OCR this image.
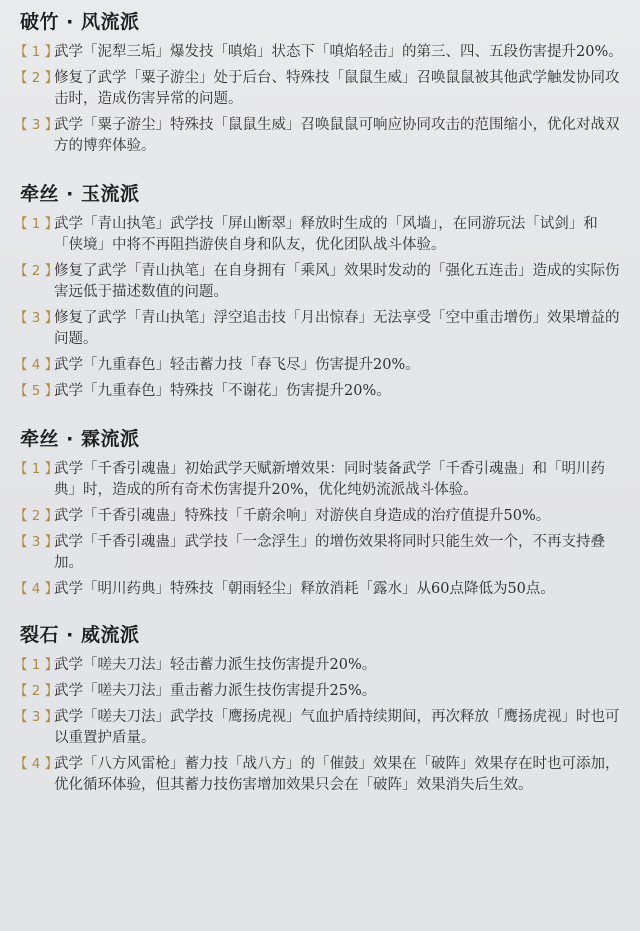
破竹 · 风流派
【 1 】
武学「泥犁三垢」爆发技「嗔焰」状态下「嗔焰轻击」的第三、四、五段伤害提升20%。
【 2 】
修复了武学「粟子游尘」处于后台、特殊技「鼠鼠生威」召唤鼠鼠被其他武学触发协同攻击时，造成伤害异常的问题。
【 3 】
武学「粟子游尘」特殊技「鼠鼠生威」召唤鼠鼠可响应协同攻击的范围缩小，优化对战双方的博弈体验。
牵丝 · 玉流派
【 1 】
武学「青山执笔」武学技「屏山断翠」释放时生成的「风墙」，在同游玩法「试剑」和「侠境」中将不再阻挡游侠自身和队友，优化团队战斗体验。
【 2 】
修复了武学「青山执笔」在自身拥有「乘风」效果时发动的「强化五连击」造成的实际伤害远低于描述数值的问题。
【 3 】
修复了武学「青山执笔」浮空追击技「月出惊春」无法享受「空中重击增伤」效果增益的问题。
【 4 】
武学「九重春色」轻击蓄力技「春飞尽」伤害提升20%。
【 5 】
武学「九重春色」特殊技「不谢花」伤害提升20%。
牵丝 · 霖流派
【 1 】
武学「千香引魂蛊」初始武学天赋新增效果：同时装备武学「千香引魂蛊」和「明川药典」时，造成的所有奇术伤害提升20%，优化纯奶流派战斗体验。
【 2 】
武学「千香引魂蛊」特殊技「千蔚余响」对游侠自身造成的治疗值提升50%。
【 3 】
武学「千香引魂蛊」武学技「一念浮生」的增伤效果将同时只能生效一个，不再支持叠加。
【 4 】
武学「明川药典」特殊技「朝雨轻尘」释放消耗「露水」从60点降低为50点。
裂石 · 威流派
【 1 】
武学「嗟夫刀法」轻击蓄力派生技伤害提升20%。
【 2 】
武学「嗟夫刀法」重击蓄力派生技伤害提升25%。
【 3 】
武学「嗟夫刀法」武学技「鹰扬虎视」气血护盾持续期间，再次释放「鹰扬虎视」时也可以重置护盾量。
【 4 】
武学「八方风雷枪」蓄力技「战八方」的「催鼓」效果在「破阵」效果存在时也可添加，优化循环体验，但其蓄力技伤害增加效果只会在「破阵」效果消失后生效。
